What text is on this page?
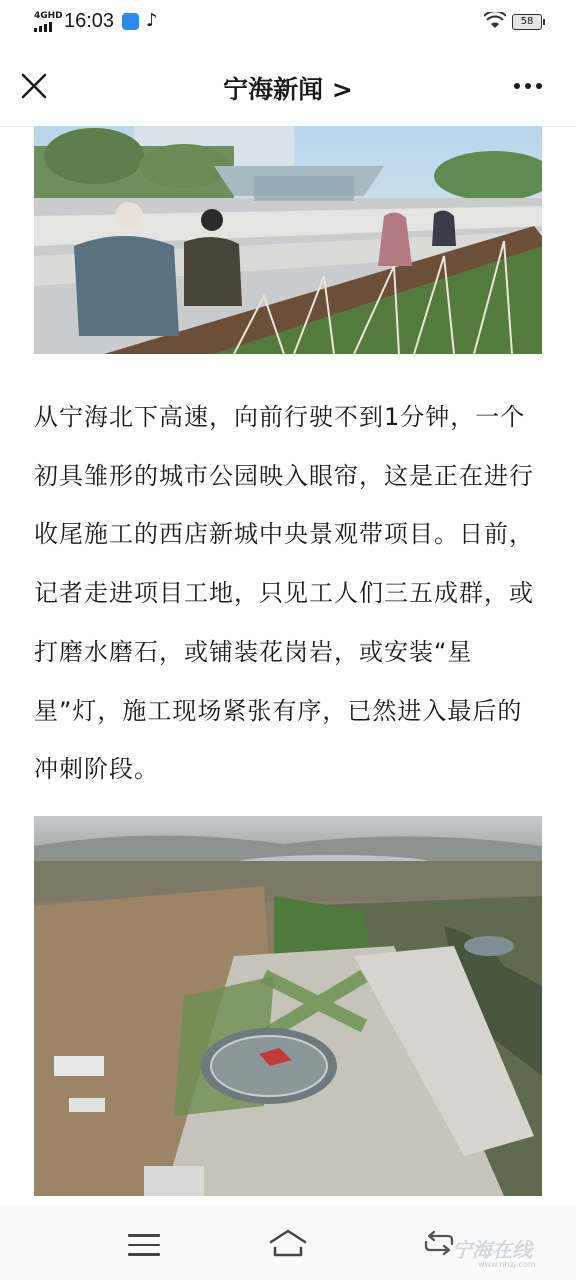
4GHD 16:03 ♪	58
宁海新闻 >

从宁海北下高速，向前行驶不到1分钟，一个初具雏形的城市公园映入眼帘，这是正在进行收尾施工的西店新城中央景观带项目。日前，记者走进项目工地，只见工人们三五成群，或打磨水磨石，或铺装花岗岩，或安装“星星”灯，施工现场紧张有序，已然进入最后的冲刺阶段。

宁海在线
www.nhzj.com
